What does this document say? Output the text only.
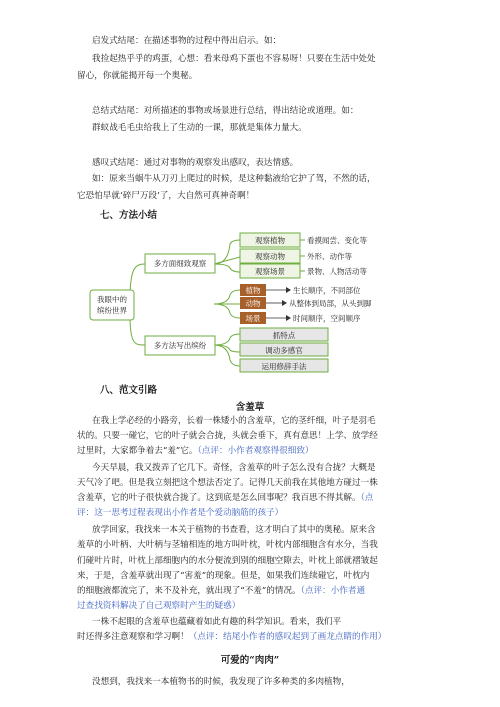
启发式结尾：在描述事物的过程中得出启示。如：
我捡起热乎乎的鸡蛋，心想：看来母鸡下蛋也不容易呀！只要在生活中处处
留心，你就能揭开每一个奥秘。
总结式结尾：对所描述的事物或场景进行总结，得出结论或道理。如：
群蚁战毛毛虫给我上了生动的一课，那就是集体力量大。
感叹式结尾：通过对事物的观察发出感叹，表达情感。
如：原来当蜗牛从刀刃上爬过的时候，是这种黏液给它护了驾，不然的话，
它恐怕早就‘碎尸万段’了，大自然可真神奇啊！
七、方法小结
我眼中的
多方面细致观察
多方法写出缤纷
观察植物
观察动物
观察场景
看摸闻尝、变化等
外形、动作等
景物、人物活动等
生长顺序，不同部位
从整体到局部，从头到脚
时间顺序，空间顺序
抓特点
调动多感官
运用修辞手法
缤纷世界
植物
动物
场景
八、范文引路
含羞草
在我上学必经的小路旁，长着一株矮小的含羞草，它的茎纤细，叶子是羽毛
状的。只要一碰它，它的叶子就会合拢，头就会垂下，真有意思！上学、放学经
过里时，大家都争着去“羞”它。（点评：小作者观察得很细致）
今天早晨，我又拨弄了它几下。奇怪，含羞草的叶子怎么没有合拢？大概是
天气冷了吧。但是我立刻把这个想法否定了。记得几天前我在其他地方碰过一株
含羞草，它的叶子很快就合拢了。这到底是怎么回事呢？我百思不得其解。（点
评：这一思考过程表现出小作者是个爱动脑筋的孩子）
放学回家，我找来一本关于植物的书查看，这才明白了其中的奥秘。原来含
羞草的小叶柄、大叶柄与茎轴相连的地方叫叶枕，叶枕内部细胞含有水分，当我
们碰叶片时，叶枕上部细胞内的水分便流到别的细胞空隙去，叶枕上部就褶皱起
来，于是，含羞草就出现了“害羞”的现象。但是，如果我们连续碰它，叶枕内
的细胞液都流完了，来不及补充，就出现了“不羞”的情况。（点评：小作者通
过查找资料解决了自己观察时产生的疑惑）
一株不起眼的含羞草也蕴藏着如此有趣的科学知识。看来，我们平
时还得多注意观察和学习啊！（点评：结尾小作者的感叹起到了画龙点睛的作用）
可爱的“肉肉”
没想到，我找来一本植物书的时候，我发现了许多种类的多肉植物，
